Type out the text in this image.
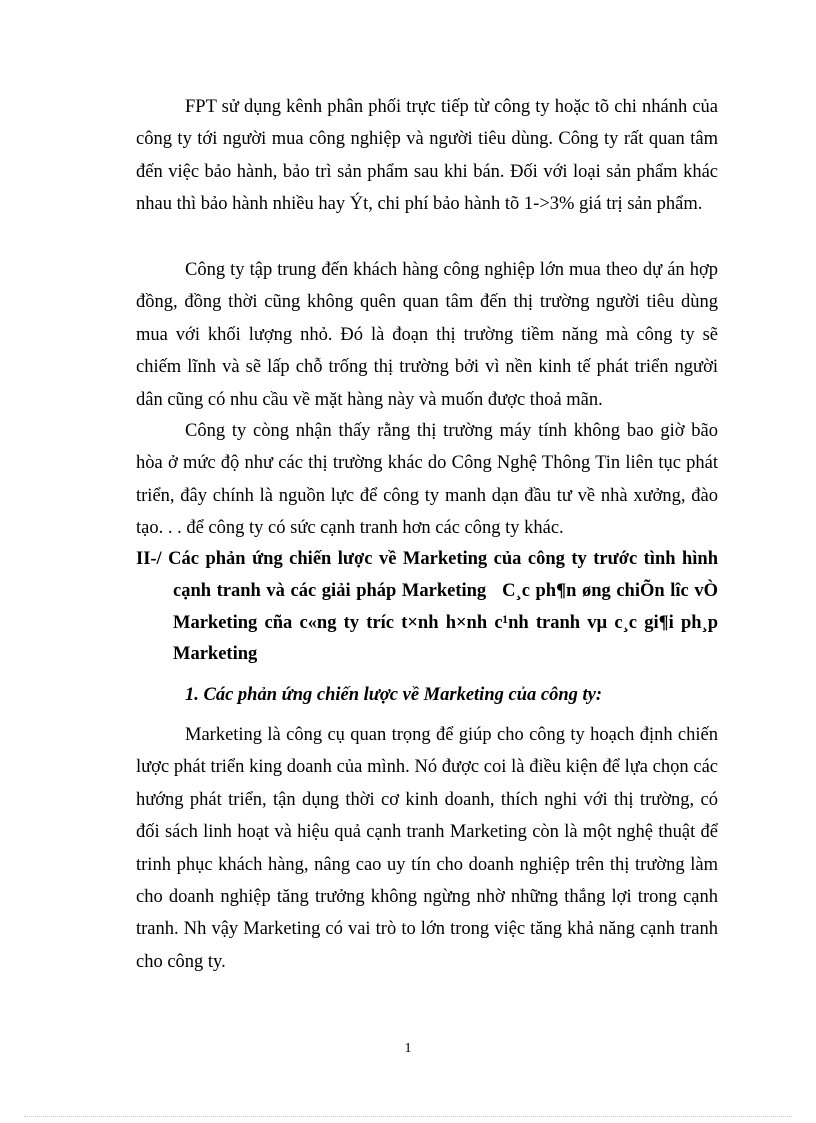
FPT sử dụng kênh phân phối trực tiếp từ công ty hoặc tõ chi nhánh của công ty tới người mua công nghiệp và người tiêu dùng. Công ty rất quan tâm đến việc bảo hành, bảo trì sản phẩm sau khi bán. Đối với loại sản phẩm khác nhau thì bảo hành nhiều hay Ýt, chi phí bảo hành tõ 1->3% giá trị sản phẩm.

Công ty tập trung đến khách hàng công nghiệp lớn mua theo dự án hợp đồng, đồng thời cũng không quên quan tâm đến thị trường người tiêu dùng mua với khối lượng nhỏ. Đó là đoạn thị trường tiềm năng mà công ty sẽ chiếm lĩnh và sẽ lấp chỗ trống thị trường bởi vì nền kinh tế phát triển người dân cũng có nhu cầu về mặt hàng này và muốn được thoả mãn.

Công ty còng nhận thấy rằng thị trường máy tính không bao giờ bão hòa ở mức độ như các thị trường khác do Công Nghệ Thông Tin liên tục phát triển, đây chính là nguồn lực để công ty manh dạn đầu tư về nhà xưởng, đào tạo. . . để công ty có sức cạnh tranh hơn các công ty khác.

II-/ Các phản ứng chiến lược về Marketing của công ty trước tình hình cạnh tranh và các giải pháp Marketing C¸c ph¶n øng chiÕn lîc vÒ Marketing cña c«ng ty tríc t×nh h×nh c¹nh tranh vµ c¸c gi¶i ph¸p Marketing
1. Các phản ứng chiến lược về Marketing của công ty:

Marketing là công cụ quan trọng để giúp cho công ty hoạch định chiến lược phát triển king doanh của mình. Nó được coi là điều kiện để lựa chọn các hướng phát triển, tận dụng thời cơ kinh doanh, thích nghi với thị trường, có đối sách linh hoạt và hiệu quả cạnh tranh Marketing còn là một nghệ thuật để trinh phục khách hàng, nâng cao uy tín cho doanh nghiệp trên thị trường làm cho doanh nghiệp tăng trưởng không ngừng nhờ những thắng lợi trong cạnh tranh. Nh vậy Marketing có vai trò to lớn trong việc tăng khả năng cạnh tranh cho công ty.

1
